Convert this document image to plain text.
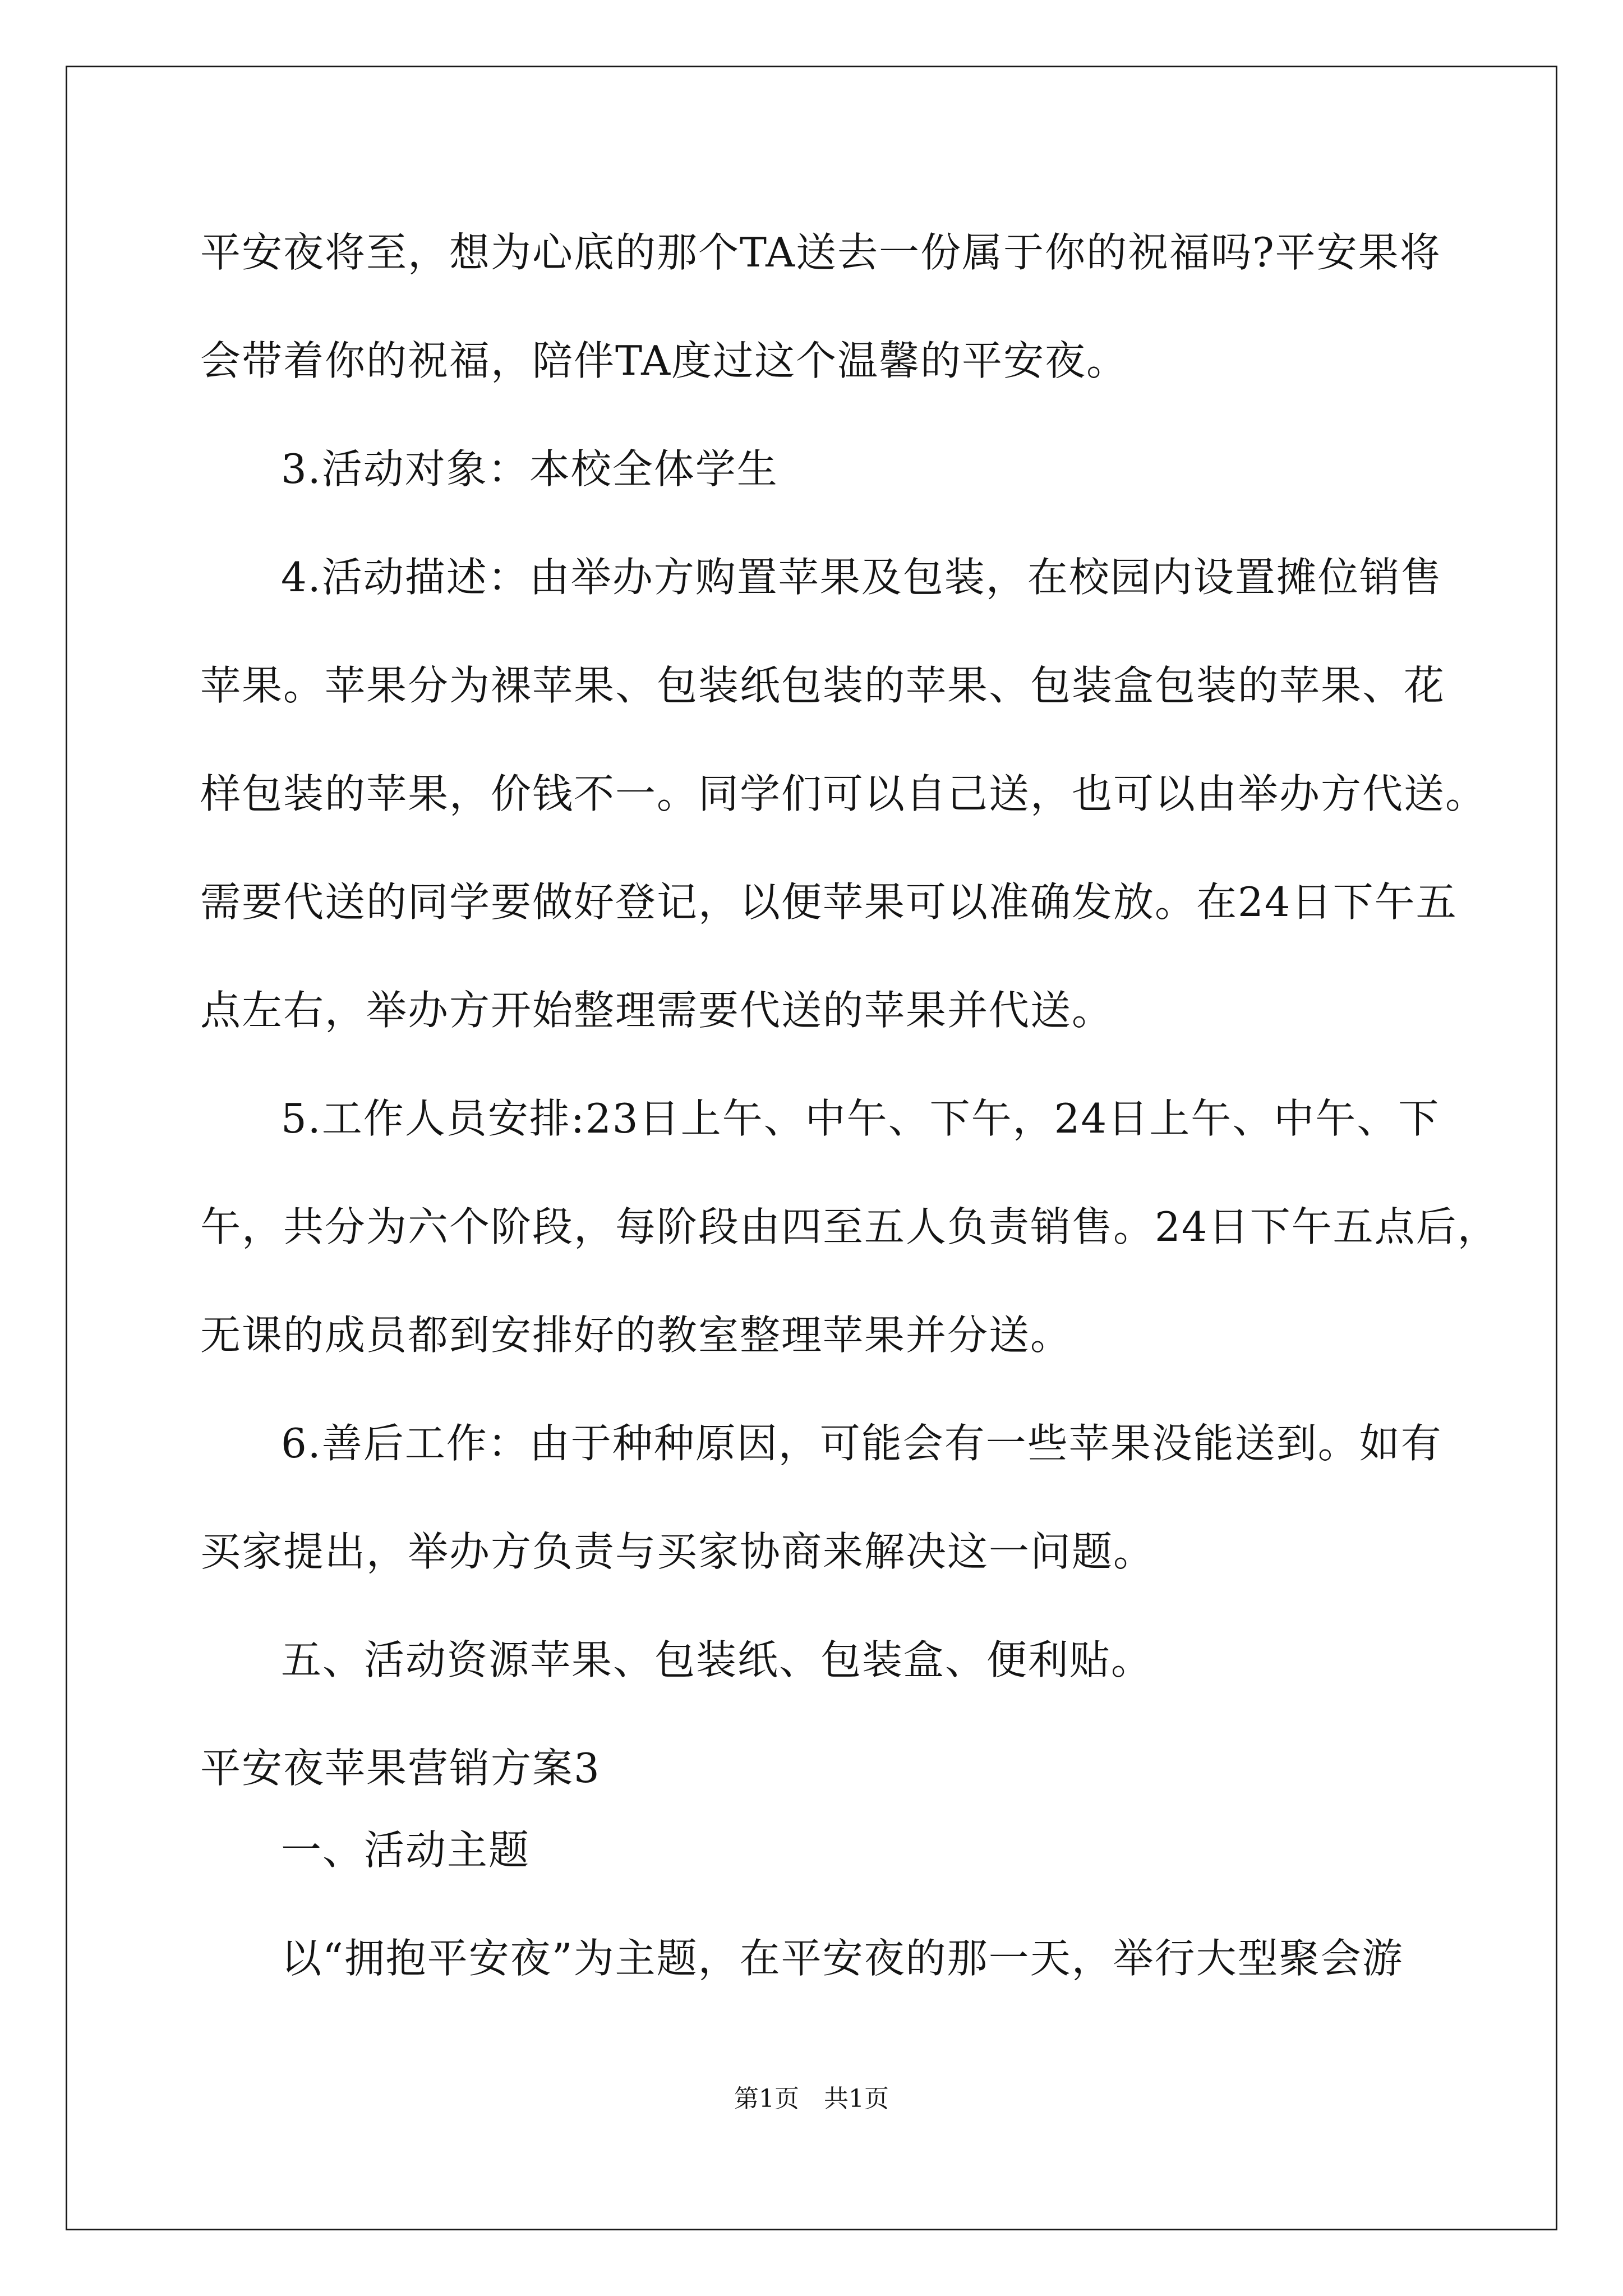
平安夜将至，想为心底的那个TA送去一份属于你的祝福吗?平安果将
会带着你的祝福，陪伴TA度过这个温馨的平安夜。
3.活动对象：本校全体学生
4.活动描述：由举办方购置苹果及包装，在校园内设置摊位销售
苹果。苹果分为裸苹果、包装纸包装的苹果、包装盒包装的苹果、花
样包装的苹果，价钱不一。同学们可以自己送，也可以由举办方代送。
需要代送的同学要做好登记，以便苹果可以准确发放。在24日下午五
点左右，举办方开始整理需要代送的苹果并代送。
5.工作人员安排:23日上午、中午、下午，24日上午、中午、下
午，共分为六个阶段，每阶段由四至五人负责销售。24日下午五点后，
无课的成员都到安排好的教室整理苹果并分送。
6.善后工作：由于种种原因，可能会有一些苹果没能送到。如有
买家提出，举办方负责与买家协商来解决这一问题。
五、活动资源苹果、包装纸、包装盒、便利贴。
平安夜苹果营销方案3
一、活动主题
以“拥抱平安夜”为主题，在平安夜的那一天，举行大型聚会游
第1页　共1页
